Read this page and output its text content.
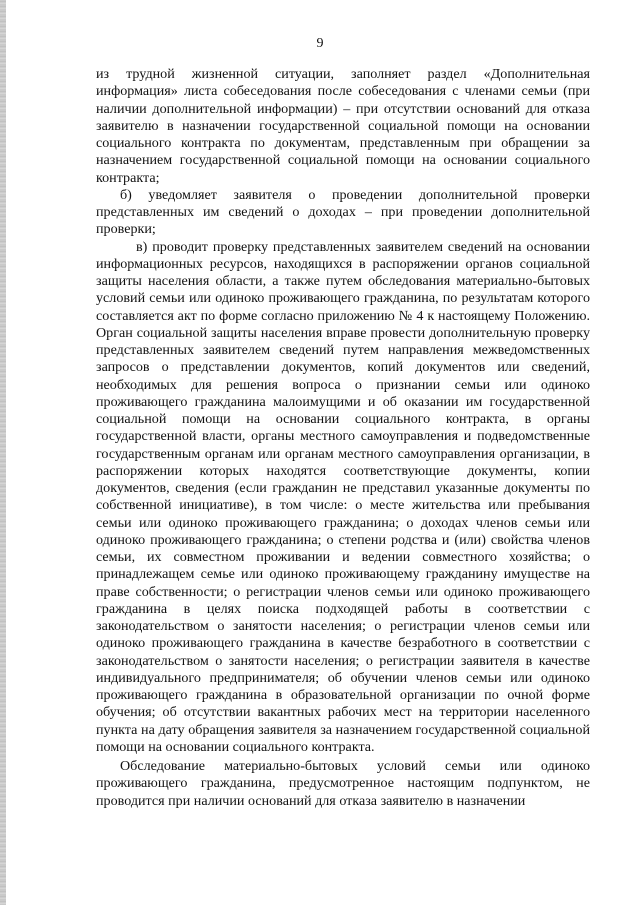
9

из трудной жизненной ситуации, заполняет раздел «Дополнительная информация» листа собеседования после собеседования с членами семьи (при наличии дополнительной информации) – при отсутствии оснований для отказа заявителю в назначении государственной социальной помощи на основании социального контракта по документам, представленным при обращении за назначением государственной социальной помощи на основании социального контракта;

б) уведомляет заявителя о проведении дополнительной проверки представленных им сведений о доходах – при проведении дополнительной проверки;

в) проводит проверку представленных заявителем сведений на основании информационных ресурсов, находящихся в распоряжении органов социальной защиты населения области, а также путем обследования материально-бытовых условий семьи или одиноко проживающего гражданина, по результатам которого составляется акт по форме согласно приложению № 4 к настоящему Положению. Орган социальной защиты населения вправе провести дополнительную проверку представленных заявителем сведений путем направления межведомственных запросов о представлении документов, копий документов или сведений, необходимых для решения вопроса о признании семьи или одиноко проживающего гражданина малоимущими и об оказании им государственной социальной помощи на основании социального контракта, в органы государственной власти, органы местного самоуправления и подведомственные государственным органам или органам местного самоуправления организации, в распоряжении которых находятся соответствующие документы, копии документов, сведения (если гражданин не представил указанные документы по собственной инициативе), в том числе: о месте жительства или пребывания семьи или одиноко проживающего гражданина; о доходах членов семьи или одиноко проживающего гражданина; о степени родства и (или) свойства членов семьи, их совместном проживании и ведении совместного хозяйства; о принадлежащем семье или одиноко проживающему гражданину имуществе на праве собственности; о регистрации членов семьи или одиноко проживающего гражданина в целях поиска подходящей работы в соответствии с законодательством о занятости населения; о регистрации членов семьи или одиноко проживающего гражданина в качестве безработного в соответствии с законодательством о занятости населения; о регистрации заявителя в качестве индивидуального предпринимателя; об обучении членов семьи или одиноко проживающего гражданина в образовательной организации по очной форме обучения; об отсутствии вакантных рабочих мест на территории населенного пункта на дату обращения заявителя за назначением государственной социальной помощи на основании социального контракта.

Обследование материально-бытовых условий семьи или одиноко проживающего гражданина, предусмотренное настоящим подпунктом, не проводится при наличии оснований для отказа заявителю в назначении
